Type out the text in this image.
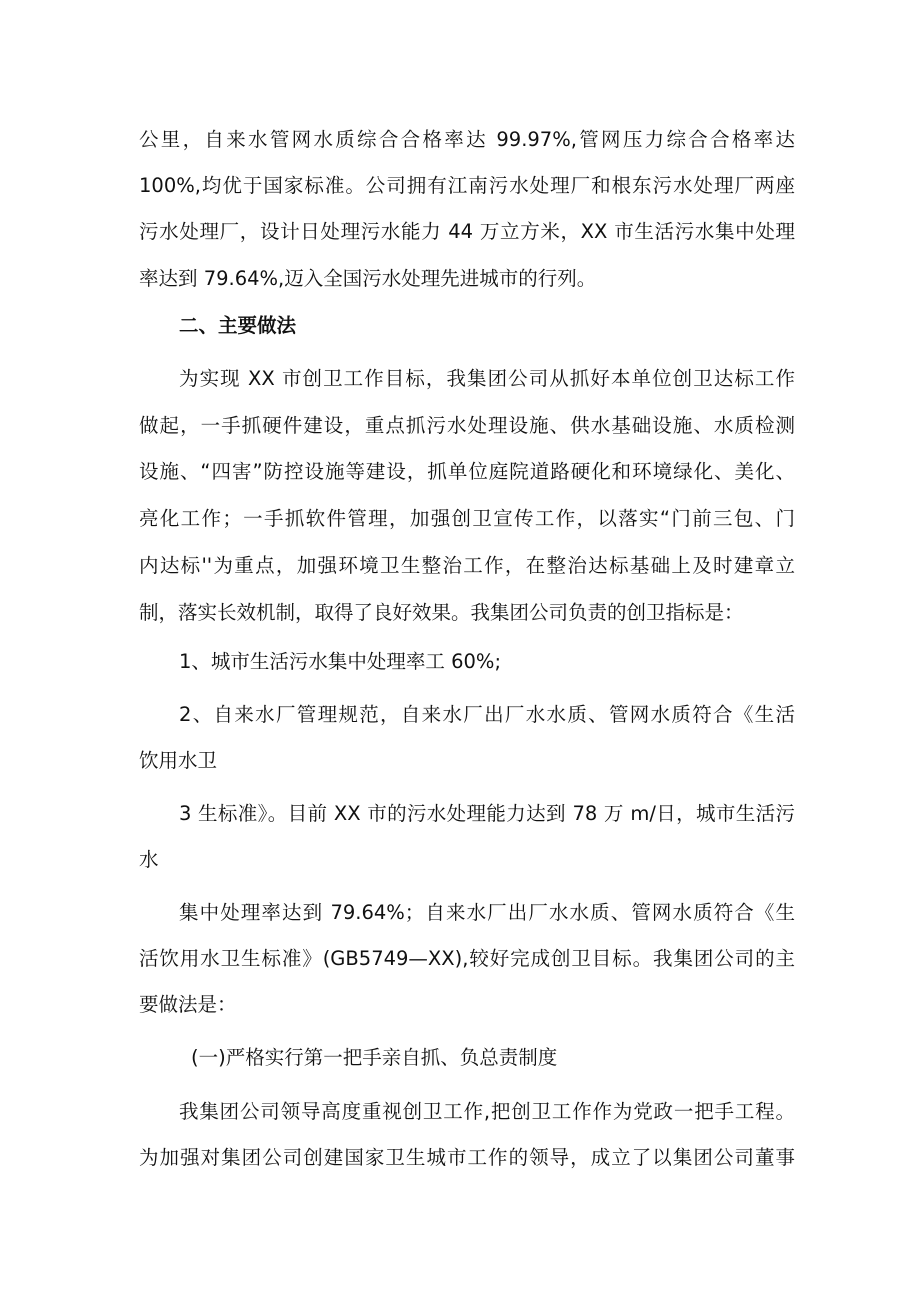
公里，自来水管网水质综合合格率达 99.97%,管网压力综合合格率达
100%,均优于国家标准。公司拥有江南污水处理厂和根东污水处理厂两座
污水处理厂，设计日处理污水能力 44 万立方米，XX 市生活污水集中处理
率达到 79.64%,迈入全国污水处理先进城市的行列。
二、主要做法
为实现 XX 市创卫工作目标，我集团公司从抓好本单位创卫达标工作
做起，一手抓硬件建设，重点抓污水处理设施、供水基础设施、水质检测
设施、“四害”防控设施等建设，抓单位庭院道路硬化和环境绿化、美化、
亮化工作；一手抓软件管理，加强创卫宣传工作，以落实“门前三包、门
内达标''为重点，加强环境卫生整治工作，在整治达标基础上及时建章立
制，落实长效机制，取得了良好效果。我集团公司负责的创卫指标是：
1、城市生活污水集中处理率工 60%;
2、自来水厂管理规范，自来水厂出厂水水质、管网水质符合《生活
饮用水卫
3 生标准》。目前 XX 市的污水处理能力达到 78 万 m/日，城市生活污
水
集中处理率达到 79.64%；自来水厂出厂水水质、管网水质符合《生
活饮用水卫生标准》(GB5749—XX),较好完成创卫目标。我集团公司的主
要做法是：
(一)严格实行第一把手亲自抓、负总责制度
我集团公司领导高度重视创卫工作,把创卫工作作为党政一把手工程。
为加强对集团公司创建国家卫生城市工作的领导，成立了以集团公司董事
